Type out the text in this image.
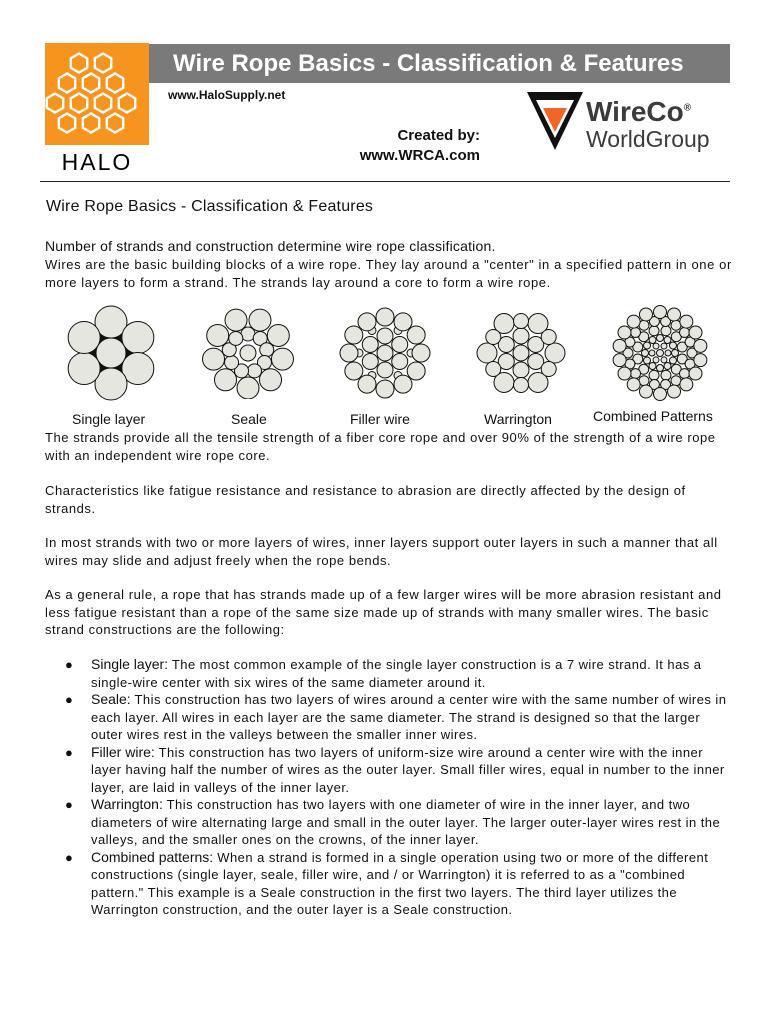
HALO
Wire Rope Basics - Classification & Features
www.HaloSupply.net
Created by:
www.WRCA.com
WireCo®
WorldGroup
Wire Rope Basics - Classification & Features
Number of strands and construction determine wire rope classification.
Wires are the basic building blocks of a wire rope. They lay around a "center" in a specified pattern in one or more layers to form a strand. The strands lay around a core to form a wire rope.
Single layer	Seale	Filler wire	Warrington	Combined Patterns
The strands provide all the tensile strength of a fiber core rope and over 90% of the strength of a wire rope with an independent wire rope core.
Characteristics like fatigue resistance and resistance to abrasion are directly affected by the design of strands.
In most strands with two or more layers of wires, inner layers support outer layers in such a manner that all wires may slide and adjust freely when the rope bends.
As a general rule, a rope that has strands made up of a few larger wires will be more abrasion resistant and less fatigue resistant than a rope of the same size made up of strands with many smaller wires. The basic strand constructions are the following:
● Single layer: The most common example of the single layer construction is a 7 wire strand. It has a single-wire center with six wires of the same diameter around it.
● Seale: This construction has two layers of wires around a center wire with the same number of wires in each layer. All wires in each layer are the same diameter. The strand is designed so that the larger outer wires rest in the valleys between the smaller inner wires.
● Filler wire: This construction has two layers of uniform-size wire around a center wire with the inner layer having half the number of wires as the outer layer. Small filler wires, equal in number to the inner layer, are laid in valleys of the inner layer.
● Warrington: This construction has two layers with one diameter of wire in the inner layer, and two diameters of wire alternating large and small in the outer layer. The larger outer-layer wires rest in the valleys, and the smaller ones on the crowns, of the inner layer.
● Combined patterns: When a strand is formed in a single operation using two or more of the different constructions (single layer, seale, filler wire, and / or Warrington) it is referred to as a "combined pattern." This example is a Seale construction in the first two layers. The third layer utilizes the Warrington construction, and the outer layer is a Seale construction.
